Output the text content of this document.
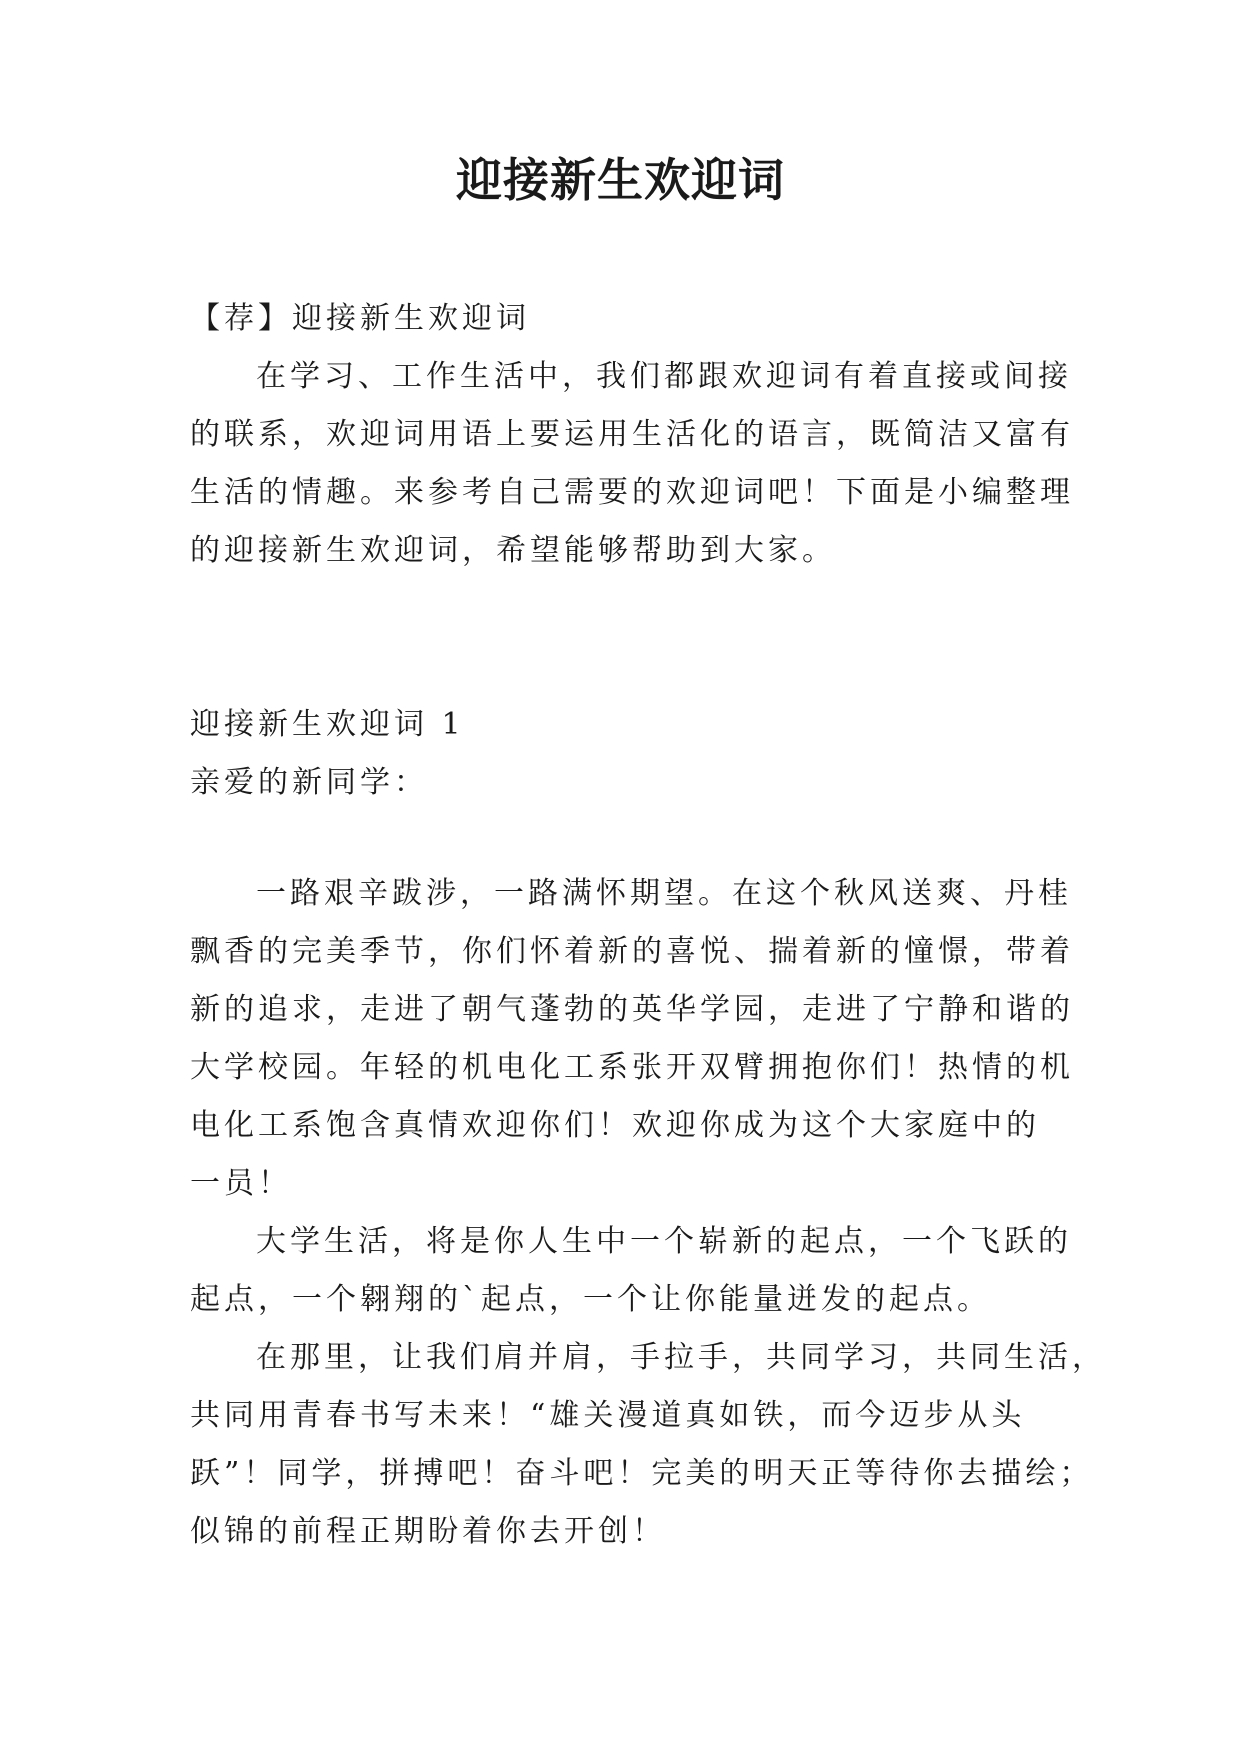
迎接新生欢迎词
【荐】迎接新生欢迎词
在学习、工作生活中，我们都跟欢迎词有着直接或间接
的联系，欢迎词用语上要运用生活化的语言，既简洁又富有
生活的情趣。来参考自己需要的欢迎词吧！下面是小编整理
的迎接新生欢迎词，希望能够帮助到大家。
迎接新生欢迎词 1
亲爱的新同学：
一路艰辛跋涉，一路满怀期望。在这个秋风送爽、丹桂
飘香的完美季节，你们怀着新的喜悦、揣着新的憧憬，带着
新的追求，走进了朝气蓬勃的英华学园，走进了宁静和谐的
大学校园。年轻的机电化工系张开双臂拥抱你们！热情的机
电化工系饱含真情欢迎你们！欢迎你成为这个大家庭中的
一员！
大学生活，将是你人生中一个崭新的起点，一个飞跃的
起点，一个翱翔的`起点，一个让你能量迸发的起点。
在那里，让我们肩并肩，手拉手，共同学习，共同生活，
共同用青春书写未来！“雄关漫道真如铁，而今迈步从头
跃”！同学，拼搏吧！奋斗吧！完美的明天正等待你去描绘；
似锦的前程正期盼着你去开创！
